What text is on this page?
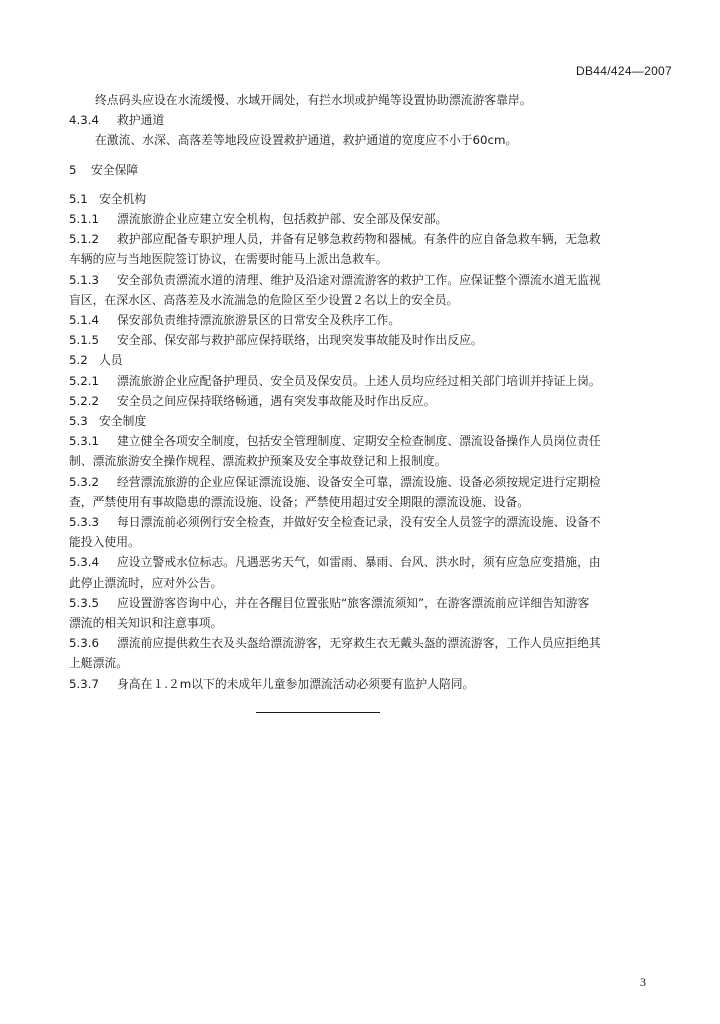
DB44/424—2007
终点码头应设在水流缓慢、水域开阔处，有拦水坝或护绳等设置协助漂流游客靠岸。
4.3.4 救护通道
在激流、水深、高落差等地段应设置救护通道，救护通道的宽度应不小于60cm。
5 安全保障
5.1 安全机构
5.1.1 漂流旅游企业应建立安全机构，包括救护部、安全部及保安部。
5.1.2 救护部应配备专职护理人员，并备有足够急救药物和器械。有条件的应自备急救车辆，无急救
车辆的应与当地医院签订协议，在需要时能马上派出急救车。
5.1.3 安全部负责漂流水道的清理、维护及沿途对漂流游客的救护工作。应保证整个漂流水道无监视
盲区，在深水区、高落差及水流湍急的危险区至少设置２名以上的安全员。
5.1.4 保安部负责维持漂流旅游景区的日常安全及秩序工作。
5.1.5 安全部、保安部与救护部应保持联络，出现突发事故能及时作出反应。
5.2 人员
5.2.1 漂流旅游企业应配备护理员、安全员及保安员。上述人员均应经过相关部门培训并持证上岗。
5.2.2 安全员之间应保持联络畅通，遇有突发事故能及时作出反应。
5.3 安全制度
5.3.1 建立健全各项安全制度，包括安全管理制度、定期安全检查制度、漂流设备操作人员岗位责任
制、漂流旅游安全操作规程、漂流救护预案及安全事故登记和上报制度。
5.3.2 经营漂流旅游的企业应保证漂流设施、设备安全可靠，漂流设施、设备必须按规定进行定期检
查，严禁使用有事故隐患的漂流设施、设备；严禁使用超过安全期限的漂流设施、设备。
5.3.3 每日漂流前必须例行安全检查，并做好安全检查记录，没有安全人员签字的漂流设施、设备不
能投入使用。
5.3.4 应设立警戒水位标志。凡遇恶劣天气，如雷雨、暴雨、台风、洪水时，须有应急应变措施，由
此停止漂流时，应对外公告。
5.3.5 应设置游客咨询中心，并在各醒目位置张贴“旅客漂流须知”，在游客漂流前应详细告知游客
漂流的相关知识和注意事项。
5.3.6 漂流前应提供救生衣及头盔给漂流游客，无穿救生衣无戴头盔的漂流游客，工作人员应拒绝其
上艇漂流。
5.3.7 身高在１.２m以下的未成年儿童参加漂流活动必须要有监护人陪同。
3
